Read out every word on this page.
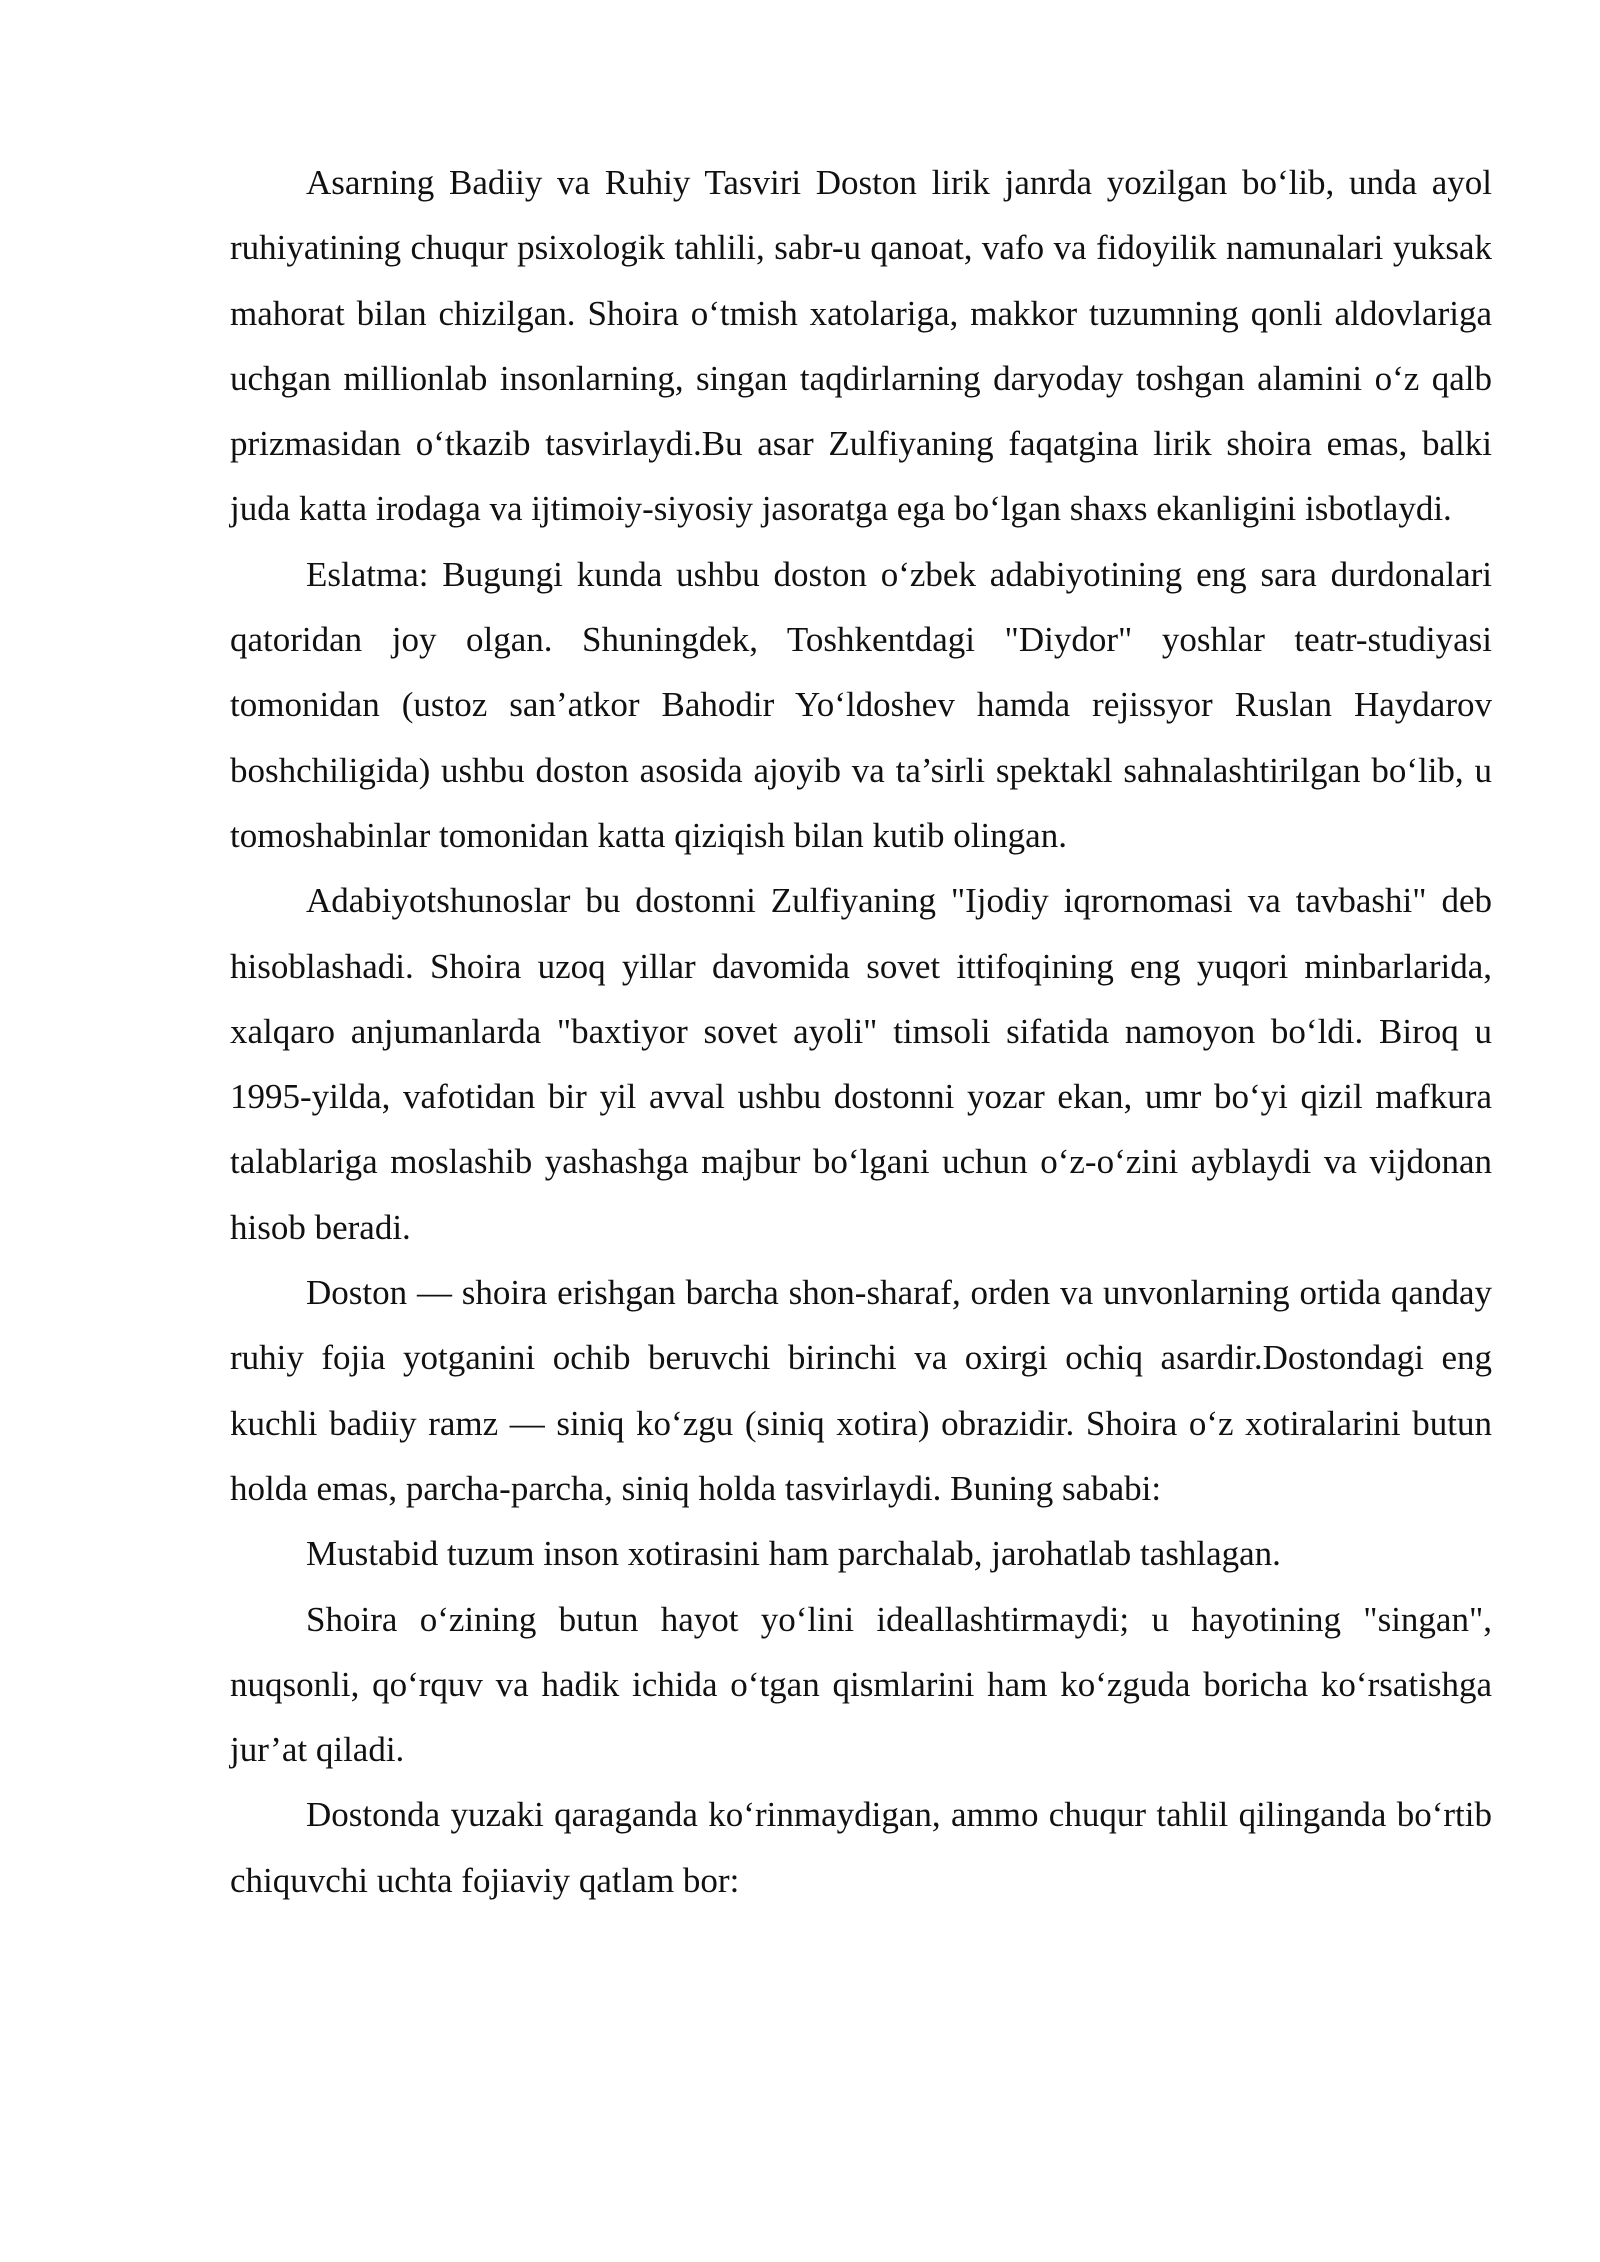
Asarning Badiiy va Ruhiy Tasviri Doston lirik janrda yozilgan bo‘lib, unda ayol ruhiyatining chuqur psixologik tahlili, sabr-u qanoat, vafo va fidoyilik namunalari yuksak mahorat bilan chizilgan. Shoira o‘tmish xatolariga, makkor tuzumning qonli aldovlariga uchgan millionlab insonlarning, singan taqdirlarning daryoday toshgan alamini o‘z qalb prizmasidan o‘tkazib tasvirlaydi.Bu asar Zulfiyaning faqatgina lirik shoira emas, balki juda katta irodaga va ijtimoiy-siyosiy jasoratga ega bo‘lgan shaxs ekanligini isbotlaydi.

Eslatma: Bugungi kunda ushbu doston o‘zbek adabiyotining eng sara durdonalari qatoridan joy olgan. Shuningdek, Toshkentdagi "Diydor" yoshlar teatr-studiyasi tomonidan (ustoz san’atkor Bahodir Yo‘ldoshev hamda rejissyor Ruslan Haydarov boshchiligida) ushbu doston asosida ajoyib va ta’sirli spektakl sahnalashtirilgan bo‘lib, u tomoshabinlar tomonidan katta qiziqish bilan kutib olingan.

Adabiyotshunoslar bu dostonni Zulfiyaning "Ijodiy iqrornomasi va tavbashi" deb hisoblashadi. Shoira uzoq yillar davomida sovet ittifoqining eng yuqori minbarlarida, xalqaro anjumanlarda "baxtiyor sovet ayoli" timsoli sifatida namoyon bo‘ldi. Biroq u 1995-yilda, vafotidan bir yil avval ushbu dostonni yozar ekan, umr bo‘yi qizil mafkura talablariga moslashib yashashga majbur bo‘lgani uchun o‘z-o‘zini ayblaydi va vijdonan hisob beradi.

Doston — shoira erishgan barcha shon-sharaf, orden va unvonlarning ortida qanday ruhiy fojia yotganini ochib beruvchi birinchi va oxirgi ochiq asardir.Dostondagi eng kuchli badiiy ramz — siniq ko‘zgu (siniq xotira) obrazidir. Shoira o‘z xotiralarini butun holda emas, parcha-parcha, siniq holda tasvirlaydi. Buning sababi:

Mustabid tuzum inson xotirasini ham parchalab, jarohatlab tashlagan.

Shoira o‘zining butun hayot yo‘lini ideallashtirmaydi; u hayotining "singan", nuqsonli, qo‘rquv va hadik ichida o‘tgan qismlarini ham ko‘zguda boricha ko‘rsatishga jur’at qiladi.

Dostonda yuzaki qaraganda ko‘rinmaydigan, ammo chuqur tahlil qilinganda bo‘rtib chiquvchi uchta fojiaviy qatlam bor:
